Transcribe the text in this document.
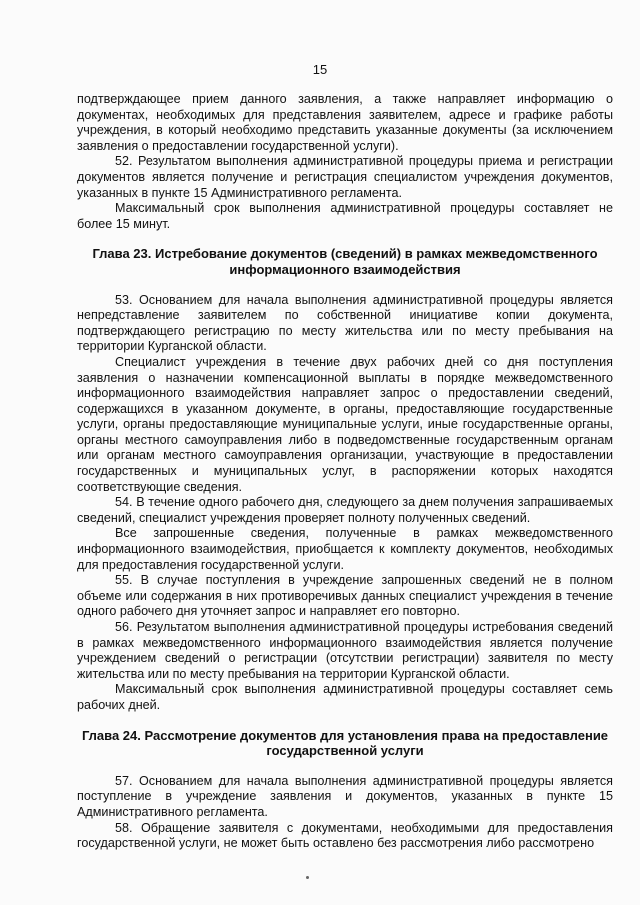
15

подтверждающее прием данного заявления, а также направляет информацию о документах, необходимых для представления заявителем, адресе и графике работы учреждения, в который необходимо представить указанные документы (за исключением заявления о предоставлении государственной услуги).

52. Результатом выполнения административной процедуры приема и регистрации документов является получение и регистрация специалистом учреждения документов, указанных в пункте 15 Административного регламента.

Максимальный срок выполнения административной процедуры составляет не более 15 минут.

Глава 23. Истребование документов (сведений) в рамках межведомственного информационного взаимодействия

53. Основанием для начала выполнения административной процедуры является непредставление заявителем по собственной инициативе копии документа, подтверждающего регистрацию по месту жительства или по месту пребывания на территории Курганской области.

Специалист учреждения в течение двух рабочих дней со дня поступления заявления о назначении компенсационной выплаты в порядке межведомственного информационного взаимодействия направляет запрос о предоставлении сведений, содержащихся в указанном документе, в органы, предоставляющие государственные услуги, органы предоставляющие муниципальные услуги, иные государственные органы, органы местного самоуправления либо в подведомственные государственным органам или органам местного самоуправления организации, участвующие в предоставлении государственных и муниципальных услуг, в распоряжении которых находятся соответствующие сведения.

54. В течение одного рабочего дня, следующего за днем получения запрашиваемых сведений, специалист учреждения проверяет полноту полученных сведений.

Все запрошенные сведения, полученные в рамках межведомственного информационного взаимодействия, приобщается к комплекту документов, необходимых для предоставления государственной услуги.

55. В случае поступления в учреждение запрошенных сведений не в полном объеме или содержания в них противоречивых данных специалист учреждения в течение одного рабочего дня уточняет запрос и направляет его повторно.

56. Результатом выполнения административной процедуры истребования сведений в рамках межведомственного информационного взаимодействия является получение учреждением сведений о регистрации (отсутствии регистрации) заявителя по месту жительства или по месту пребывания на территории Курганской области.

Максимальный срок выполнения административной процедуры составляет семь рабочих дней.

Глава 24. Рассмотрение документов для установления права на предоставление государственной услуги

57. Основанием для начала выполнения административной процедуры является поступление в учреждение заявления и документов, указанных в пункте 15 Административного регламента.

58. Обращение заявителя с документами, необходимыми для предоставления государственной услуги, не может быть оставлено без рассмотрения либо рассмотрено
